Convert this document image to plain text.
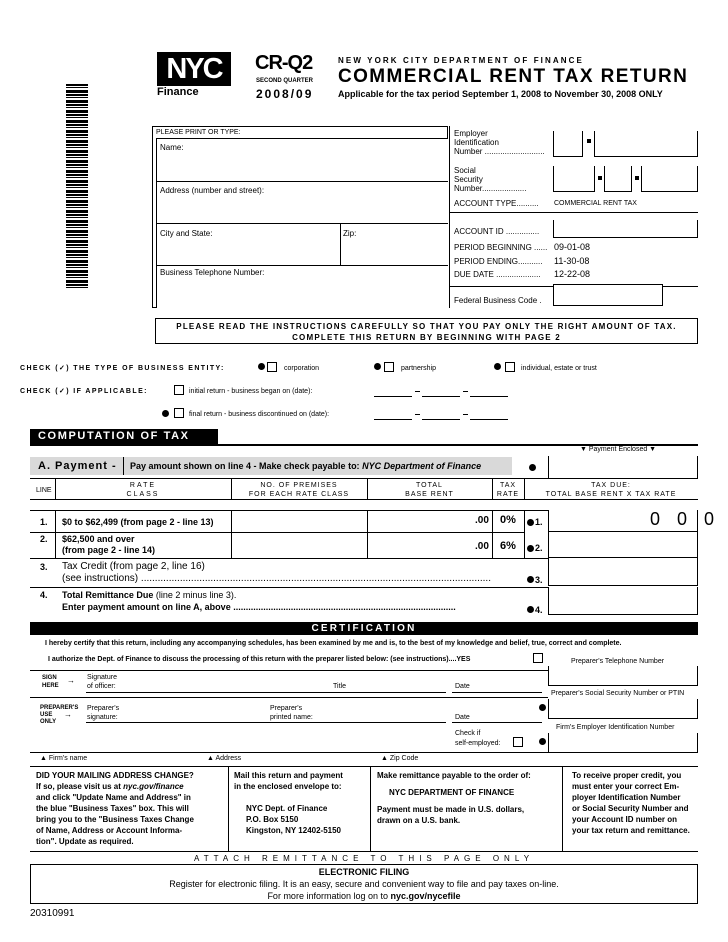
NYC
Finance
CR-Q2
SECOND QUARTER
2008/09
NEW YORK CITY DEPARTMENT OF FINANCE
COMMERCIAL RENT TAX RETURN
Applicable for the tax period September 1, 2008 to November 30, 2008 ONLY
PLEASE PRINT OR TYPE:
Name:
Address (number and street):
City and State:	Zip:
Business Telephone Number:
Employer
Identification
Number ...........................
Social
Security
Number....................
ACCOUNT TYPE.......... COMMERCIAL RENT TAX
ACCOUNT ID ...............
PERIOD BEGINNING ...... 09-01-08
PERIOD ENDING........... 11-30-08
DUE DATE .................... 12-22-08
Federal Business Code .
PLEASE READ THE INSTRUCTIONS CAREFULLY SO THAT YOU PAY ONLY THE RIGHT AMOUNT OF TAX.
COMPLETE THIS RETURN BY BEGINNING WITH PAGE 2
CHECK (✓) THE TYPE OF BUSINESS ENTITY:	corporation	partnership	individual, estate or trust
CHECK (✓) IF APPLICABLE:	initial return - business began on (date):
final return - business discontinued on (date):
COMPUTATION OF TAX
▼ Payment Enclosed ▼
A. Payment - Pay amount shown on line 4 - Make check payable to: NYC Department of Finance
LINE
RATE
CLASS
NO. OF PREMISES
FOR EACH RATE CLASS
TOTAL
BASE RENT
TAX
RATE
TAX DUE:
TOTAL BASE RENT X TAX RATE
1. $0 to $62,499 (from page 2 - line 13)	.00 0% 1.	0 0 0
2. $62,500 and over
(from page 2 - line 14)	.00 6% 2.
3. Tax Credit (from page 2, line 16)
(see instructions) ..............................................................................................................................	3.
4. Total Remittance Due (line 2 minus line 3).
Enter payment amount on line A, above .........................................................................................	4.
CERTIFICATION
I hereby certify that this return, including any accompanying schedules, has been examined by me and is, to the best of my knowledge and belief, true, correct and complete.
I authorize the Dept. of Finance to discuss the processing of this return with the preparer listed below: (see instructions)....YES	Preparer's Telephone Number
SIGN
HERE
→ Signature
of officer:	Title	Date
Preparer's Social Security Number or PTIN
PREPARER'S
USE
ONLY
→
Preparer's
signature:
Preparer's
printed name:	Date
Firm's Employer Identification Number
Check if
self-employed:
▲ Firm's name	▲ Address	▲ Zip Code
DID YOUR MAILING ADDRESS CHANGE?
If so, please visit us at nyc.gov/finance
and click "Update Name and Address" in
the blue "Business Taxes" box. This will
bring you to the "Business Taxes Change
of Name, Address or Account Informa-
tion". Update as required.
Mail this return and payment
in the enclosed envelope to:
NYC Dept. of Finance
P.O. Box 5150
Kingston, NY 12402-5150
Make remittance payable to the order of:
NYC DEPARTMENT OF FINANCE
Payment must be made in U.S. dollars,
drawn on a U.S. bank.
To receive proper credit, you
must enter your correct Em-
ployer Identification Number
or Social Security Number and
your Account ID number on
your tax return and remittance.
ATTACH REMITTANCE TO THIS PAGE ONLY
ELECTRONIC FILING
Register for electronic filing. It is an easy, secure and convenient way to file and pay taxes on-line.
For more information log on to nyc.gov/nycefile
20310991
